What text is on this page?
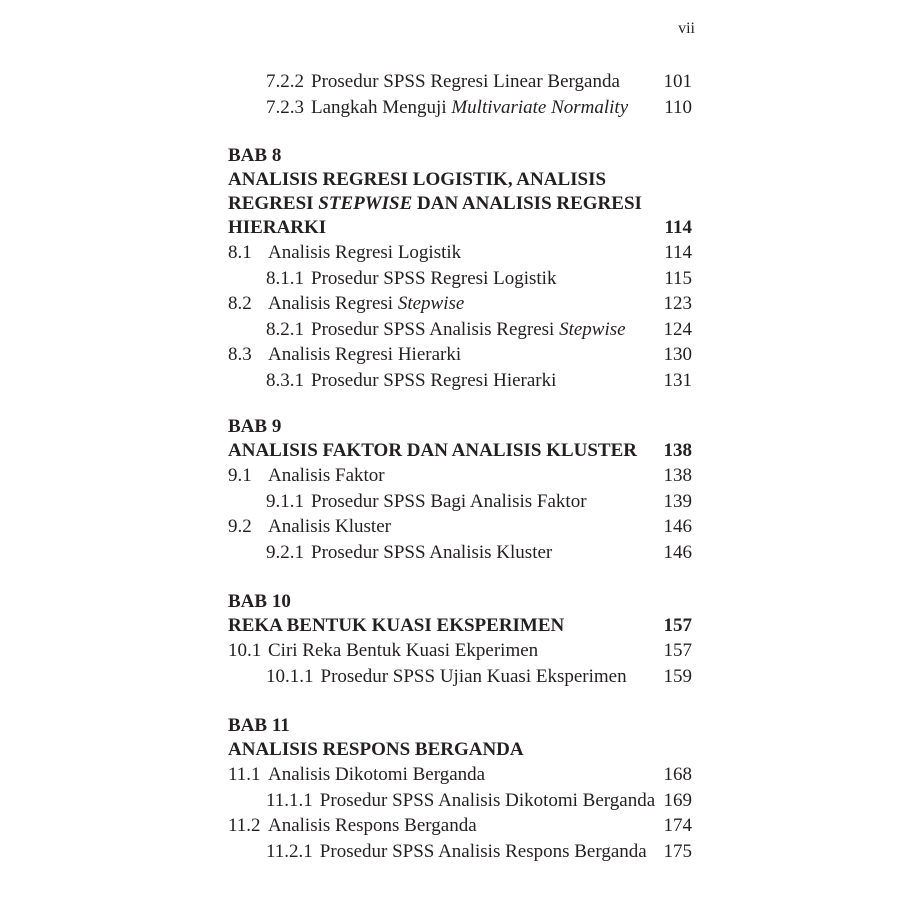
vii
7.2.2 Prosedur SPSS Regresi Linear Berganda	101
7.2.3 Langkah Menguji Multivariate Normality	110
BAB 8
ANALISIS REGRESI LOGISTIK, ANALISIS
REGRESI STEPWISE DAN ANALISIS REGRESI
HIERARKI	114
8.1 Analisis Regresi Logistik	114
8.1.1 Prosedur SPSS Regresi Logistik	115
8.2 Analisis Regresi Stepwise	123
8.2.1 Prosedur SPSS Analisis Regresi Stepwise	124
8.3 Analisis Regresi Hierarki	130
8.3.1 Prosedur SPSS Regresi Hierarki	131
BAB 9
ANALISIS FAKTOR DAN ANALISIS KLUSTER	138
9.1 Analisis Faktor	138
9.1.1 Prosedur SPSS Bagi Analisis Faktor	139
9.2 Analisis Kluster	146
9.2.1 Prosedur SPSS Analisis Kluster	146
BAB 10
REKA BENTUK KUASI EKSPERIMEN	157
10.1 Ciri Reka Bentuk Kuasi Ekperimen	157
10.1.1 Prosedur SPSS Ujian Kuasi Eksperimen	159
BAB 11
ANALISIS RESPONS BERGANDA
11.1 Analisis Dikotomi Berganda	168
11.1.1 Prosedur SPSS Analisis Dikotomi Berganda 169
11.2 Analisis Respons Berganda	174
11.2.1 Prosedur SPSS Analisis Respons Berganda 175
